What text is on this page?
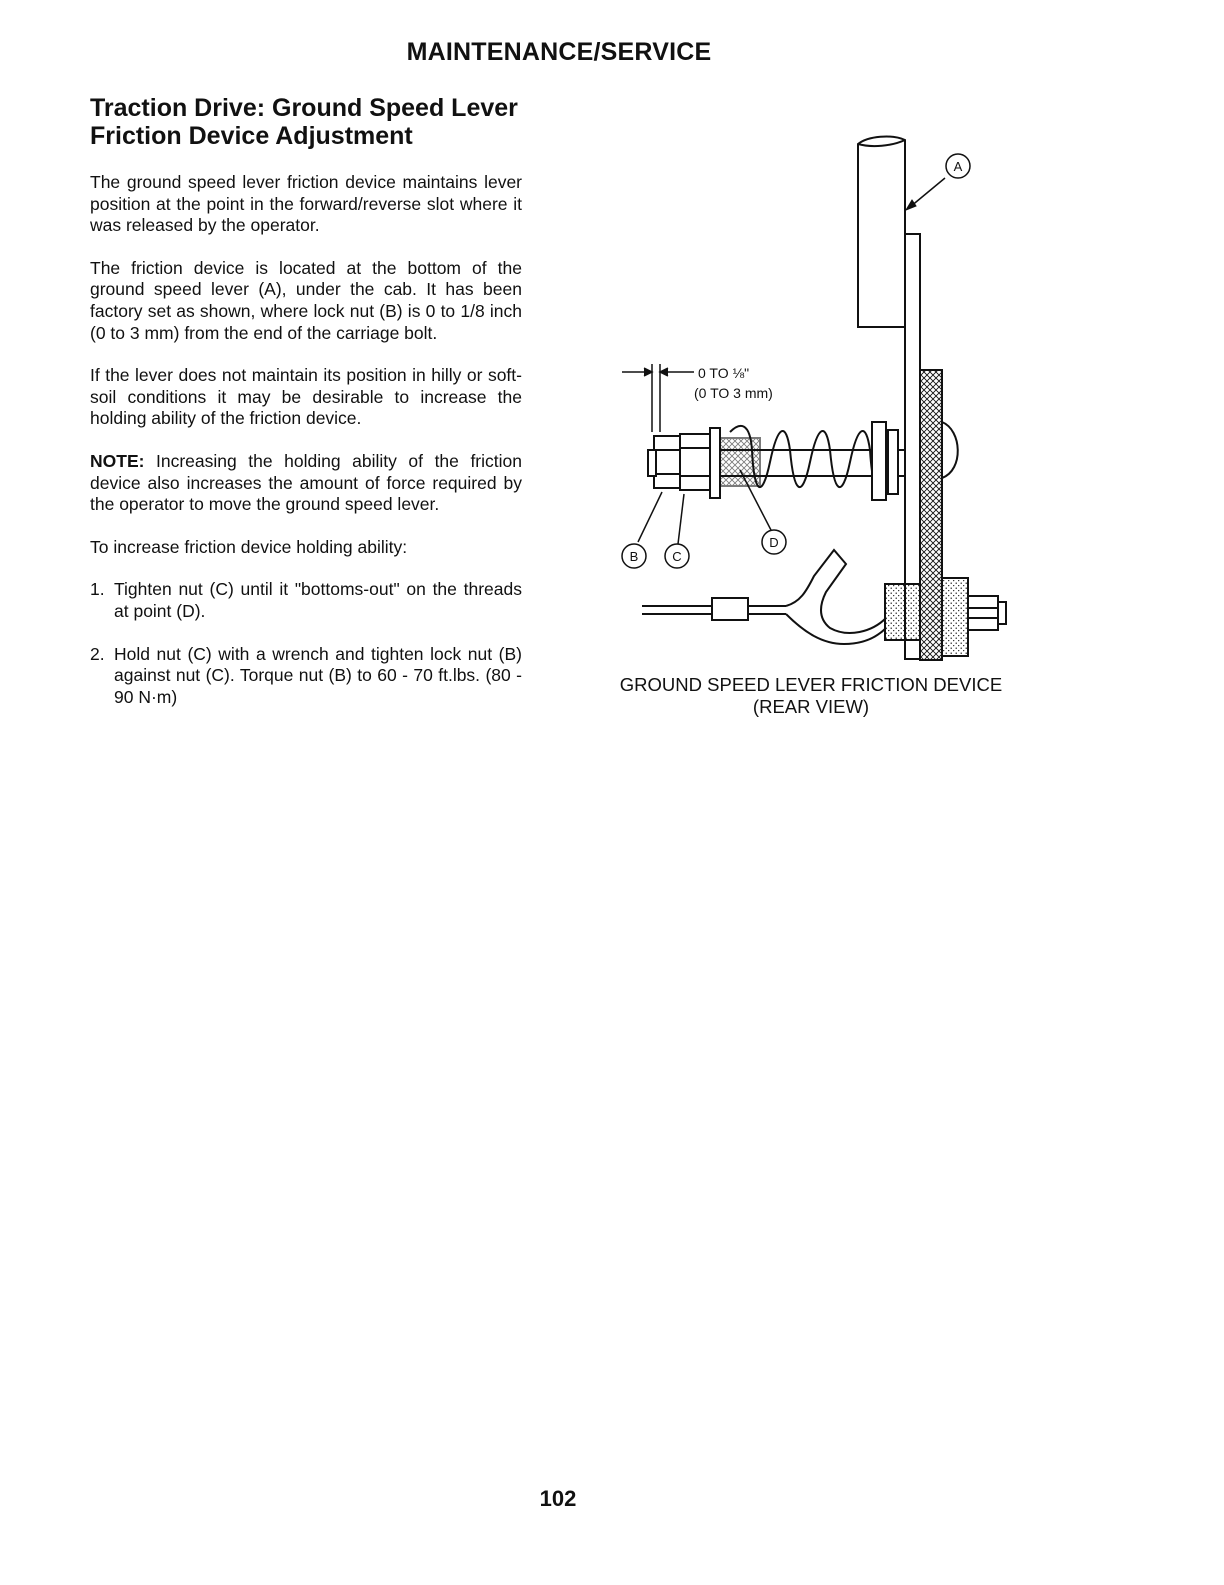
MAINTENANCE/SERVICE
Traction Drive: Ground Speed Lever
Friction Device Adjustment

The ground speed lever friction device maintains lever position at the point in the forward/reverse slot where it was released by the operator.

The friction device is located at the bottom of the ground speed lever (A), under the cab. It has been factory set as shown, where lock nut (B) is 0 to 1/8 inch (0 to 3 mm) from the end of the carriage bolt.

If the lever does not maintain its position in hilly or soft-soil conditions it may be desirable to increase the holding ability of the friction device.

NOTE: Increasing the holding ability of the friction device also increases the amount of force required by the operator to move the ground speed lever.

To increase friction device holding ability:

1. Tighten nut (C) until it "bottoms-out" on the threads at point (D).
2. Hold nut (C) with a wrench and tighten lock nut (B) against nut (C). Torque nut (B) to 60 - 70 ft.lbs. (80 - 90 N·m)
A
B	C
D
0 TO ⅛"
(0 TO 3 mm)
GROUND SPEED LEVER FRICTION DEVICE
(REAR VIEW)
102
